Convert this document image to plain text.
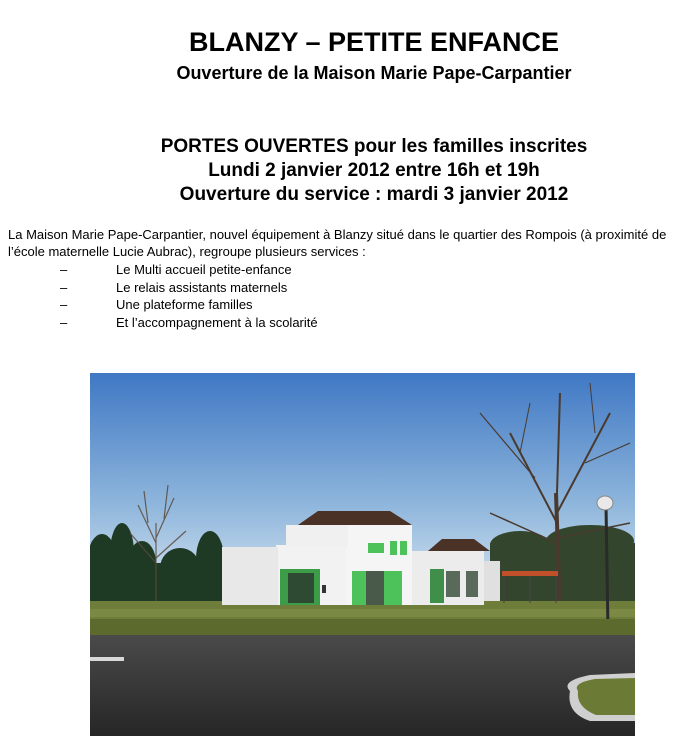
BLANZY – PETITE ENFANCE
Ouverture de la Maison Marie Pape-Carpantier
PORTES OUVERTES pour les familles inscrites
Lundi 2 janvier 2012 entre 16h et 19h
Ouverture du service : mardi 3 janvier 2012
La Maison Marie Pape-Carpantier, nouvel équipement à Blanzy situé dans le quartier des Rompois (à proximité de l’école maternelle Lucie Aubrac), regroupe plusieurs services :
–	Le Multi accueil petite-enfance
–	Le relais assistants maternels
–	Une plateforme familles
–	Et l’accompagnement à la scolarité
